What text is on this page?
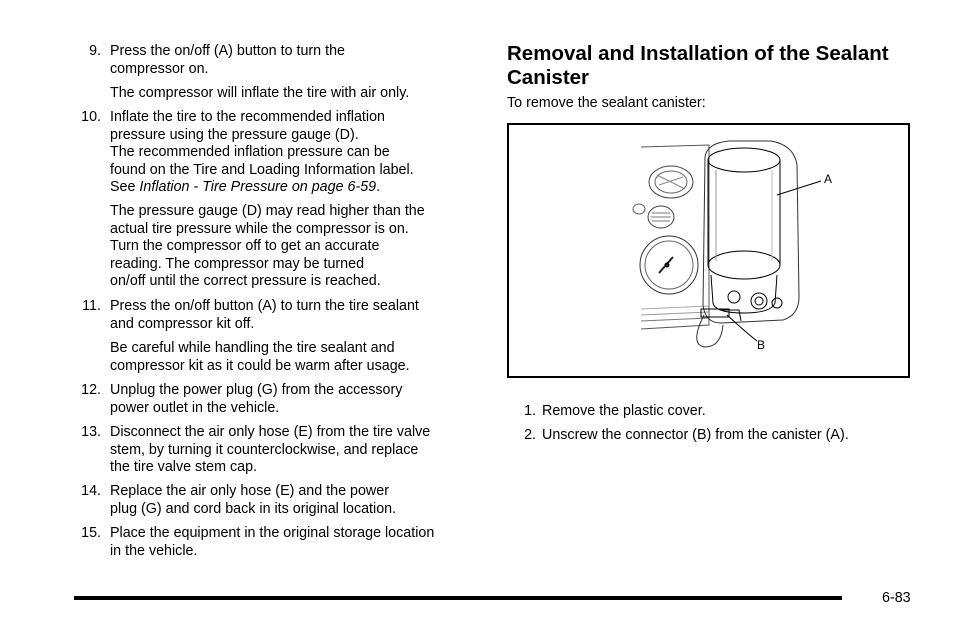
9. Press the on/off (A) button to turn the
compressor on.
The compressor will inflate the tire with air only.
10. Inflate the tire to the recommended inflation
pressure using the pressure gauge (D).
The recommended inflation pressure can be
found on the Tire and Loading Information label.
See Inflation - Tire Pressure on page 6-59.
The pressure gauge (D) may read higher than the
actual tire pressure while the compressor is on.
Turn the compressor off to get an accurate
reading. The compressor may be turned
on/off until the correct pressure is reached.
11. Press the on/off button (A) to turn the tire sealant
and compressor kit off.
Be careful while handling the tire sealant and
compressor kit as it could be warm after usage.
12. Unplug the power plug (G) from the accessory
power outlet in the vehicle.
13. Disconnect the air only hose (E) from the tire valve
stem, by turning it counterclockwise, and replace
the tire valve stem cap.
14. Replace the air only hose (E) and the power
plug (G) and cord back in its original location.
15. Place the equipment in the original storage location
in the vehicle.
Removal and Installation of the Sealant
Canister
To remove the sealant canister:
A
B
1. Remove the plastic cover.
2. Unscrew the connector (B) from the canister (A).
6-83
